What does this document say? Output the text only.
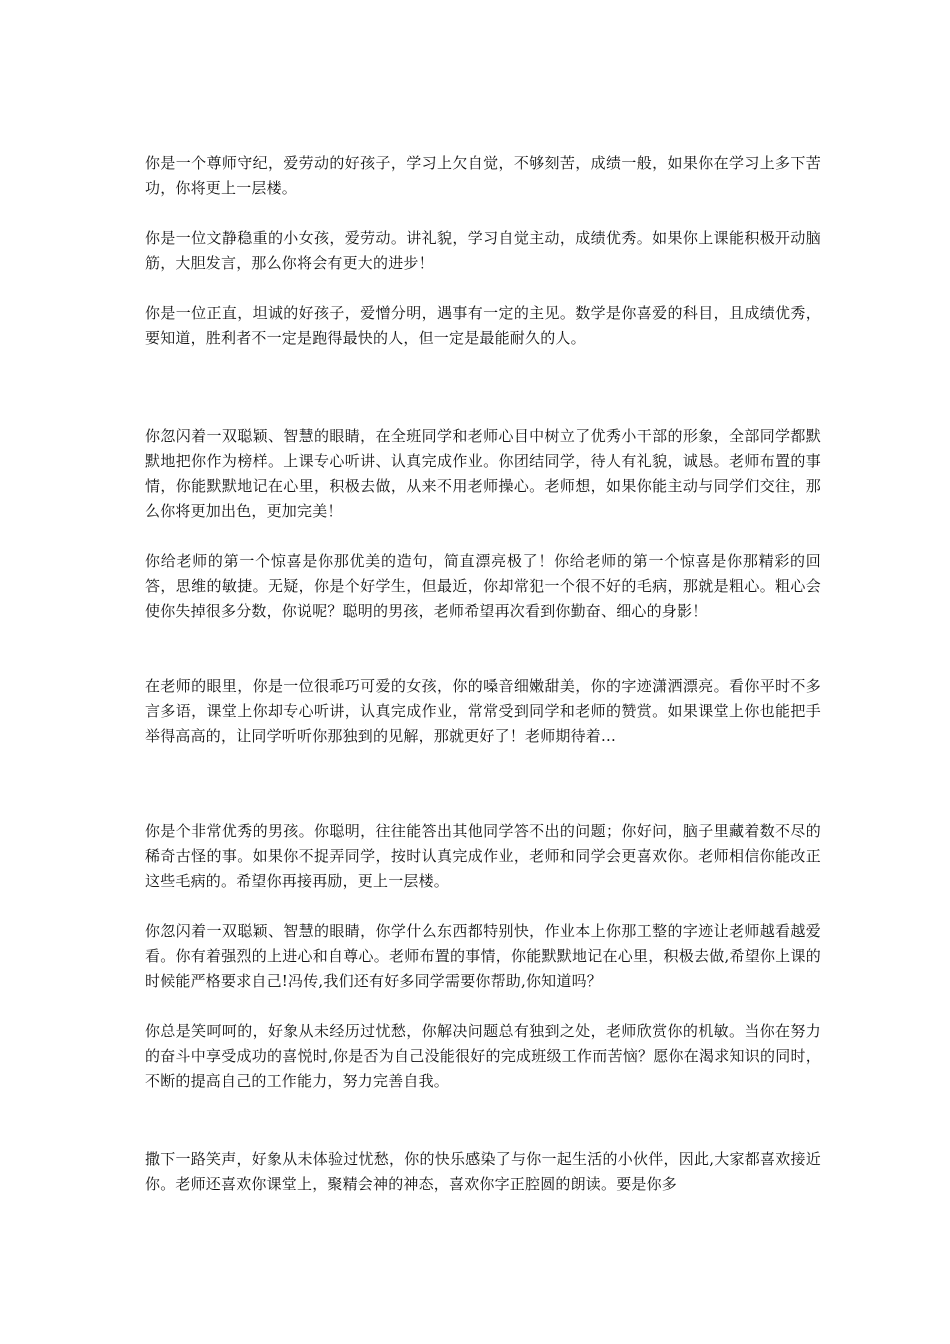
你是一个尊师守纪，爱劳动的好孩子，学习上欠自觉，不够刻苦，成绩一般，如果你在学习上多下苦功，你将更上一层楼。

你是一位文静稳重的小女孩，爱劳动。讲礼貌，学习自觉主动，成绩优秀。如果你上课能积极开动脑筋，大胆发言，那么你将会有更大的进步！

你是一位正直，坦诚的好孩子，爱憎分明，遇事有一定的主见。数学是你喜爱的科目，且成绩优秀，要知道，胜利者不一定是跑得最快的人，但一定是最能耐久的人。

你忽闪着一双聪颖、智慧的眼睛，在全班同学和老师心目中树立了优秀小干部的形象，全部同学都默默地把你作为榜样。上课专心听讲、认真完成作业。你团结同学，待人有礼貌，诚恳。老师布置的事情，你能默默地记在心里，积极去做，从来不用老师操心。老师想，如果你能主动与同学们交往，那么你将更加出色，更加完美！

你给老师的第一个惊喜是你那优美的造句，简直漂亮极了！你给老师的第一个惊喜是你那精彩的回答，思维的敏捷。无疑，你是个好学生，但最近，你却常犯一个很不好的毛病，那就是粗心。粗心会使你失掉很多分数，你说呢？聪明的男孩，老师希望再次看到你勤奋、细心的身影！

在老师的眼里，你是一位很乖巧可爱的女孩，你的嗓音细嫩甜美，你的字迹潇洒漂亮。看你平时不多言多语，课堂上你却专心听讲，认真完成作业，常常受到同学和老师的赞赏。如果课堂上你也能把手举得高高的，让同学听听你那独到的见解，那就更好了！老师期待着...

你是个非常优秀的男孩。你聪明，往往能答出其他同学答不出的问题；你好问，脑子里藏着数不尽的稀奇古怪的事。如果你不捉弄同学，按时认真完成作业，老师和同学会更喜欢你。老师相信你能改正这些毛病的。希望你再接再励，更上一层楼。

你忽闪着一双聪颖、智慧的眼睛，你学什么东西都特别快，作业本上你那工整的字迹让老师越看越爱看。你有着强烈的上进心和自尊心。老师布置的事情，你能默默地记在心里，积极去做,希望你上课的时候能严格要求自己!冯传,我们还有好多同学需要你帮助,你知道吗？

你总是笑呵呵的，好象从未经历过忧愁，你解决问题总有独到之处，老师欣赏你的机敏。当你在努力的奋斗中享受成功的喜悦时,你是否为自己没能很好的完成班级工作而苦恼？愿你在渴求知识的同时，不断的提高自己的工作能力，努力完善自我。

撒下一路笑声，好象从未体验过忧愁，你的快乐感染了与你一起生活的小伙伴，因此,大家都喜欢接近你。老师还喜欢你课堂上，聚精会神的神态，喜欢你字正腔圆的朗读。要是你多
